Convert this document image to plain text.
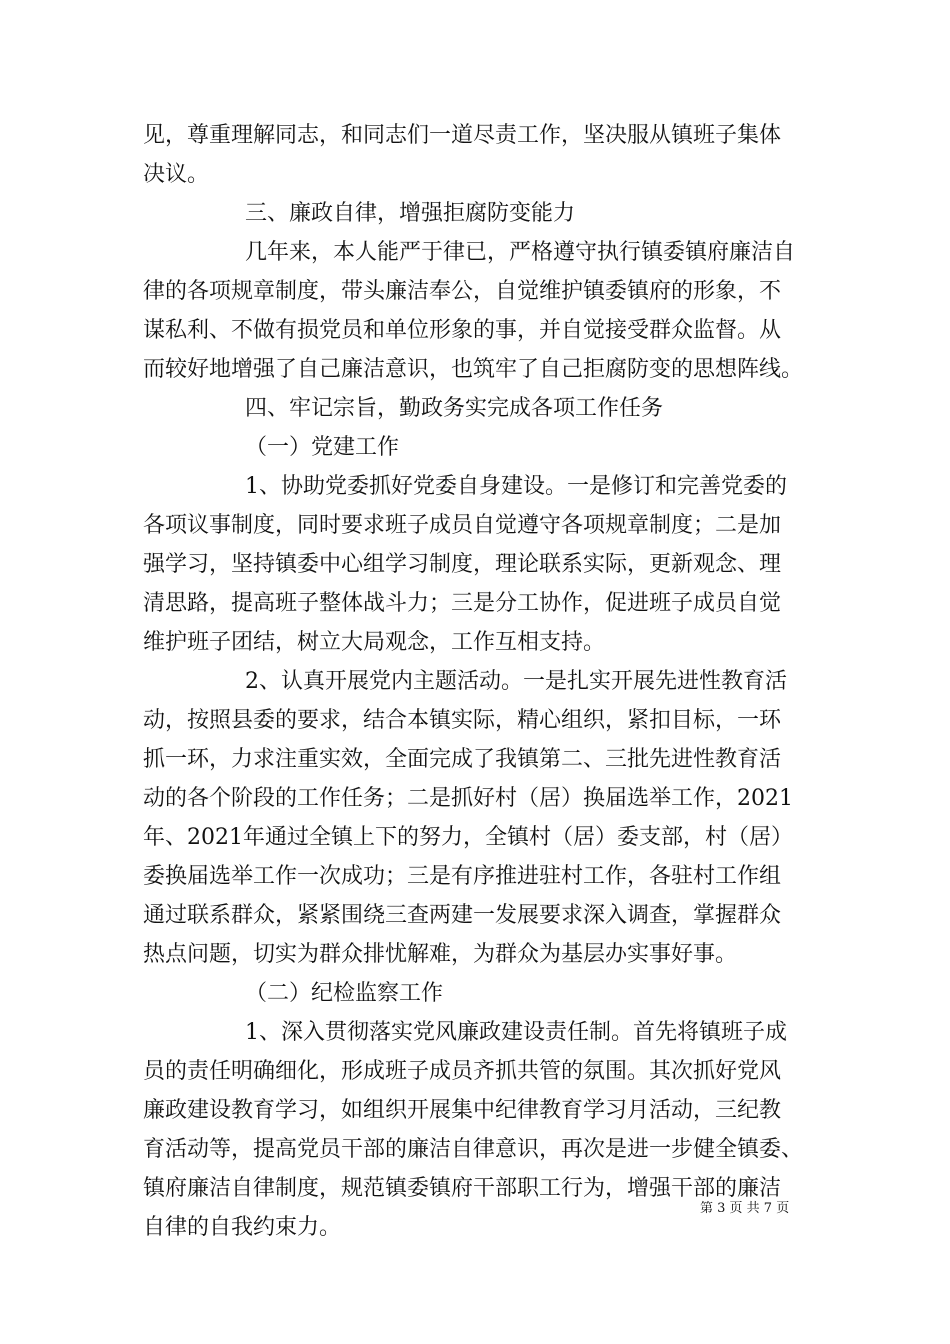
见，尊重理解同志，和同志们一道尽责工作，坚决服从镇班子集体
决议。
三、廉政自律，增强拒腐防变能力
几年来，本人能严于律已，严格遵守执行镇委镇府廉洁自
律的各项规章制度，带头廉洁奉公，自觉维护镇委镇府的形象，不
谋私利、不做有损党员和单位形象的事，并自觉接受群众监督。从
而较好地增强了自己廉洁意识，也筑牢了自己拒腐防变的思想阵线。
四、牢记宗旨，勤政务实完成各项工作任务
（一）党建工作
1、协助党委抓好党委自身建设。一是修订和完善党委的
各项议事制度，同时要求班子成员自觉遵守各项规章制度；二是加
强学习，坚持镇委中心组学习制度，理论联系实际，更新观念、理
清思路，提高班子整体战斗力；三是分工协作，促进班子成员自觉
维护班子团结，树立大局观念，工作互相支持。
2、认真开展党内主题活动。一是扎实开展先进性教育活
动，按照县委的要求，结合本镇实际，精心组织，紧扣目标，一环
抓一环，力求注重实效，全面完成了我镇第二、三批先进性教育活
动的各个阶段的工作任务；二是抓好村（居）换届选举工作，2021
年、2021年通过全镇上下的努力，全镇村（居）委支部，村（居）
委换届选举工作一次成功；三是有序推进驻村工作，各驻村工作组
通过联系群众，紧紧围绕三查两建一发展要求深入调查，掌握群众
热点问题，切实为群众排忧解难，为群众为基层办实事好事。
（二）纪检监察工作
1、深入贯彻落实党风廉政建设责任制。首先将镇班子成
员的责任明确细化，形成班子成员齐抓共管的氛围。其次抓好党风
廉政建设教育学习，如组织开展集中纪律教育学习月活动，三纪教
育活动等，提高党员干部的廉洁自律意识，再次是进一步健全镇委、
镇府廉洁自律制度，规范镇委镇府干部职工行为，增强干部的廉洁
自律的自我约束力。
第 3 页 共 7 页
